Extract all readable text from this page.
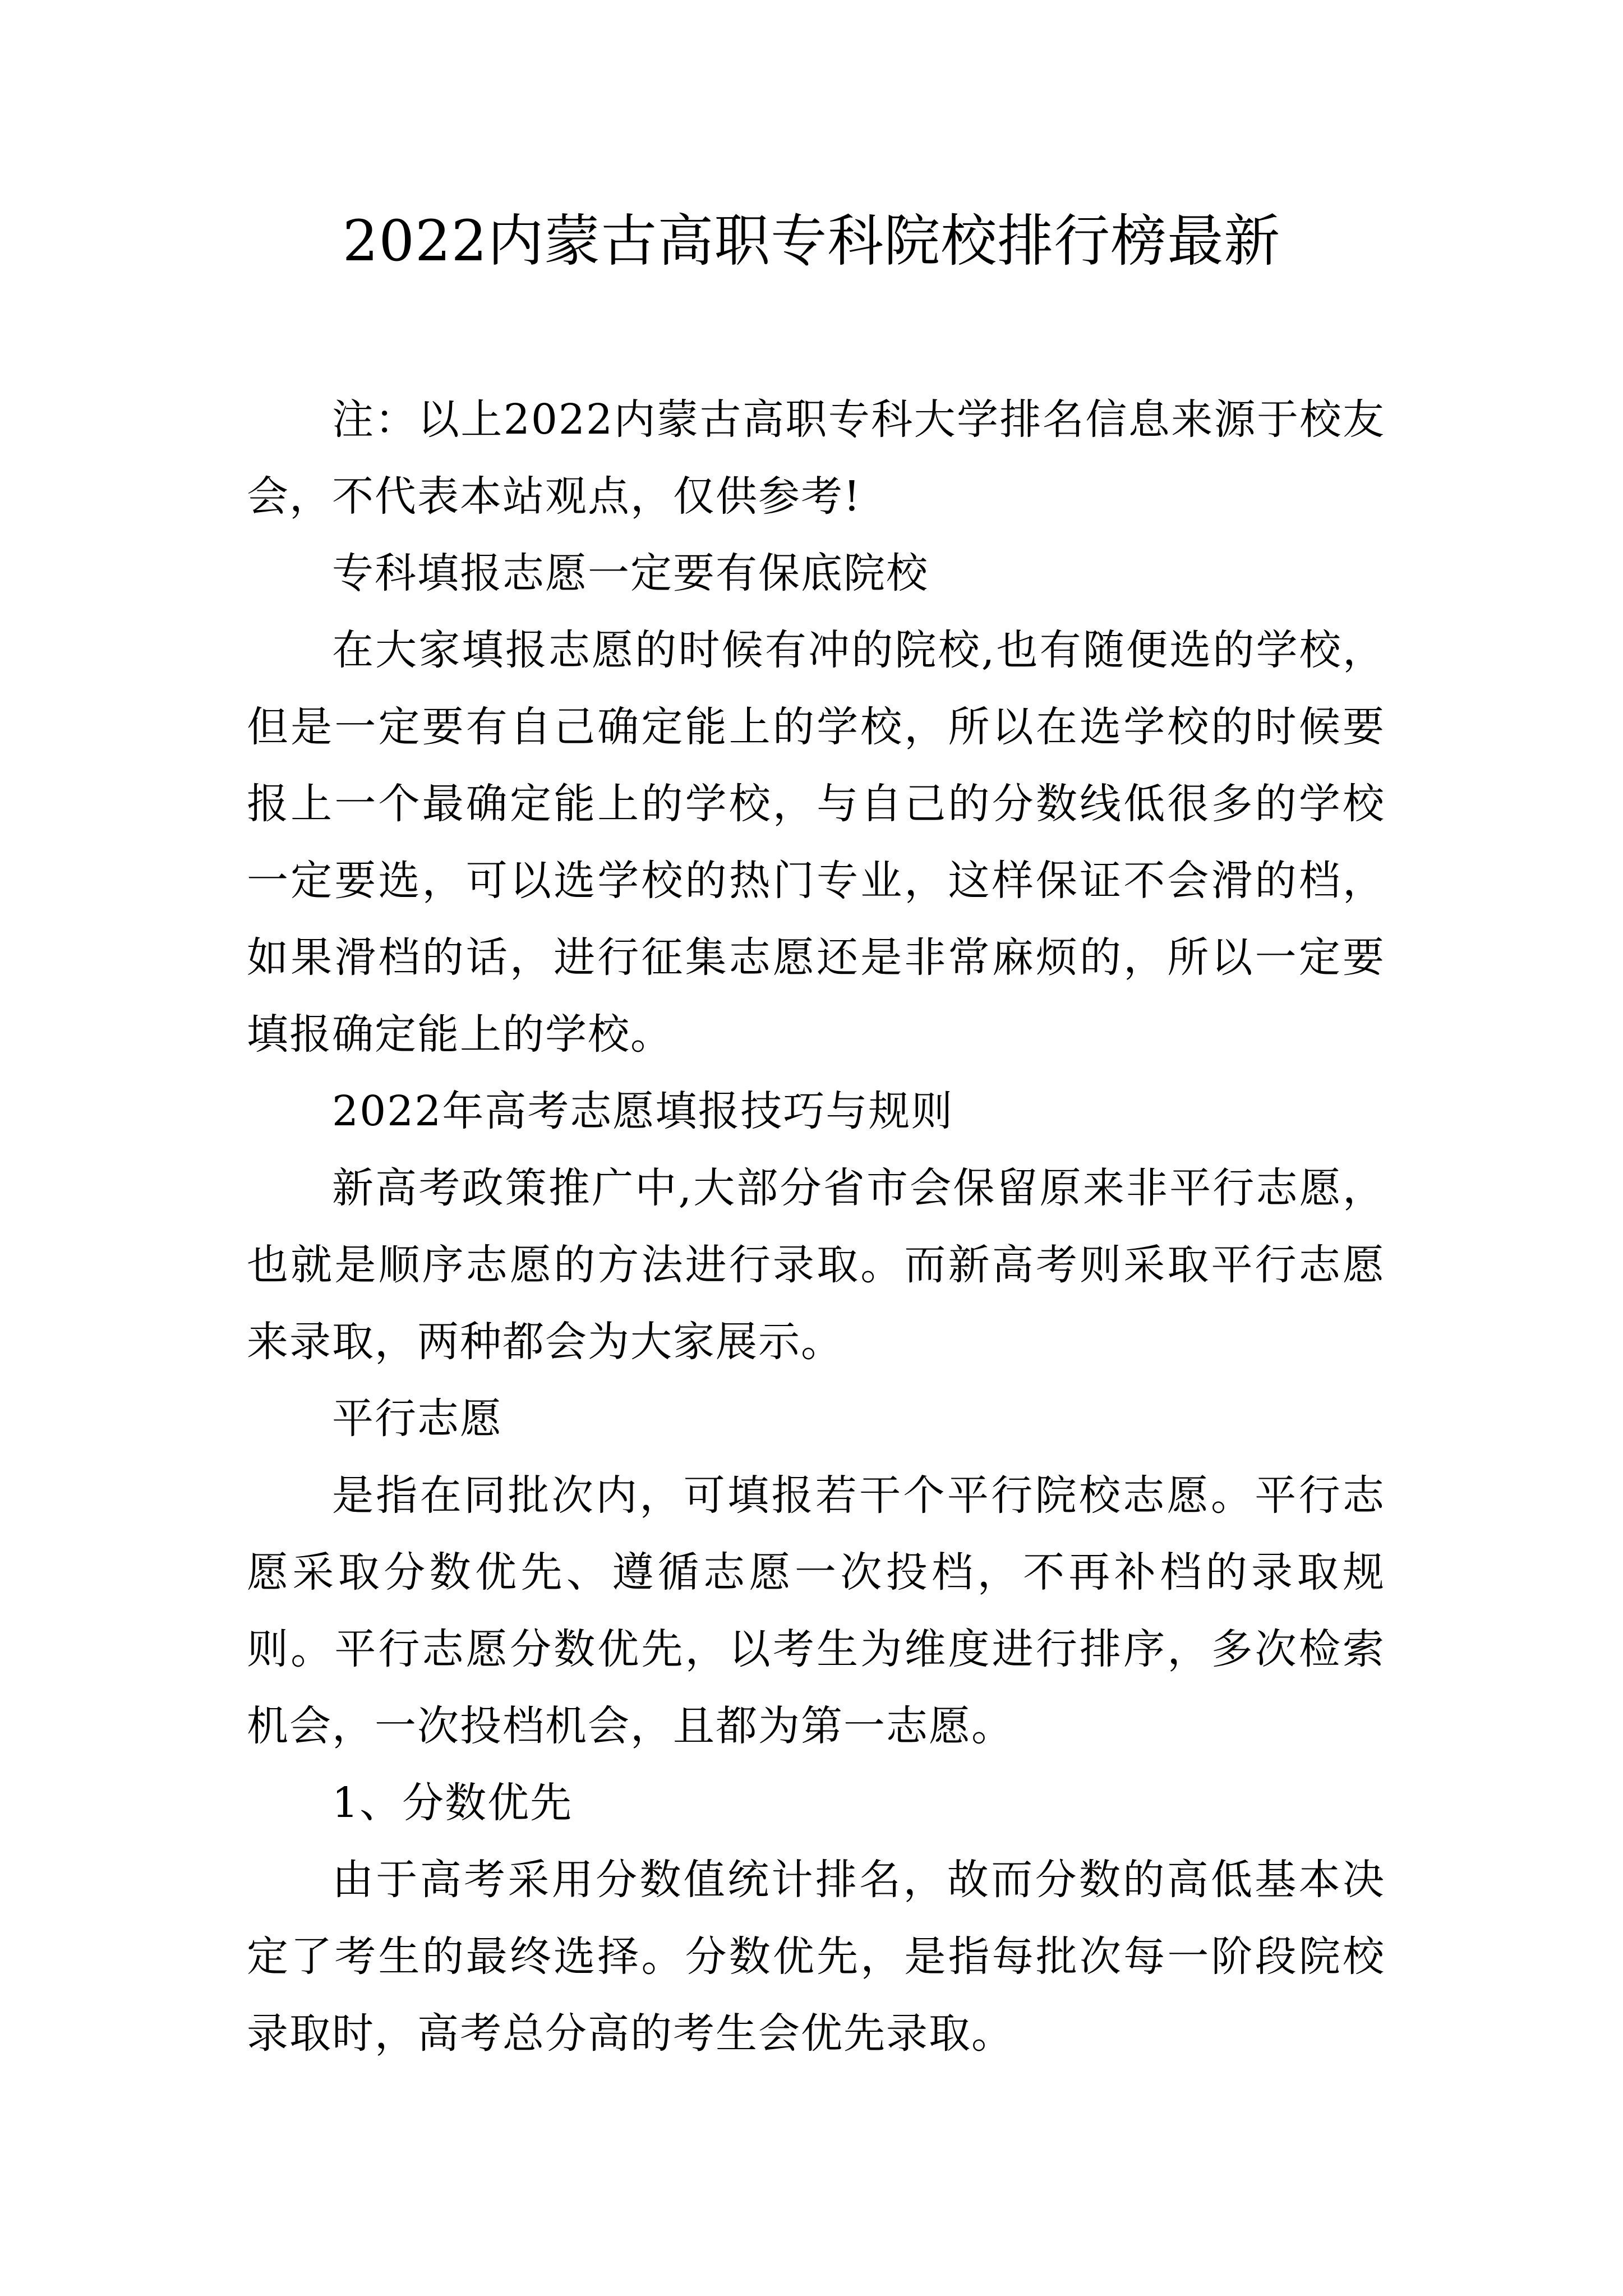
2022内蒙古高职专科院校排行榜最新

注：以上2022内蒙古高职专科大学排名信息来源于校友会，不代表本站观点，仅供参考!

专科填报志愿一定要有保底院校

在大家填报志愿的时候有冲的院校,也有随便选的学校，但是一定要有自己确定能上的学校，所以在选学校的时候要报上一个最确定能上的学校，与自己的分数线低很多的学校一定要选，可以选学校的热门专业，这样保证不会滑的档，如果滑档的话，进行征集志愿还是非常麻烦的，所以一定要填报确定能上的学校。

2022年高考志愿填报技巧与规则

新高考政策推广中,大部分省市会保留原来非平行志愿，也就是顺序志愿的方法进行录取。而新高考则采取平行志愿来录取，两种都会为大家展示。

平行志愿

是指在同批次内，可填报若干个平行院校志愿。平行志愿采取分数优先、遵循志愿一次投档，不再补档的录取规则。平行志愿分数优先，以考生为维度进行排序，多次检索机会，一次投档机会，且都为第一志愿。

1、分数优先

由于高考采用分数值统计排名，故而分数的高低基本决定了考生的最终选择。分数优先，是指每批次每一阶段院校录取时，高考总分高的考生会优先录取。
